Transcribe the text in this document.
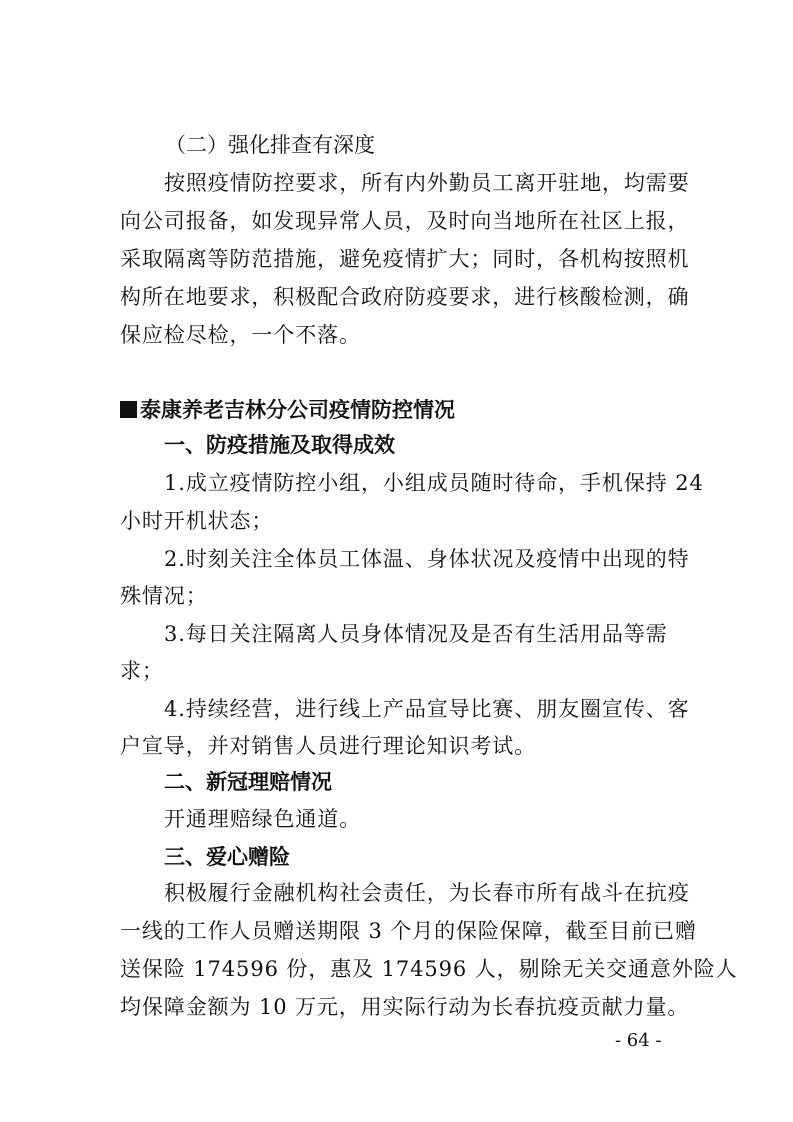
（二）强化排查有深度
按照疫情防控要求，所有内外勤员工离开驻地，均需要
向公司报备，如发现异常人员，及时向当地所在社区上报，
采取隔离等防范措施，避免疫情扩大；同时，各机构按照机
构所在地要求，积极配合政府防疫要求，进行核酸检测，确
保应检尽检，一个不落。
泰康养老吉林分公司疫情防控情况
一、防疫措施及取得成效
1.成立疫情防控小组，小组成员随时待命，手机保持 24
小时开机状态；
2.时刻关注全体员工体温、身体状况及疫情中出现的特
殊情况；
3.每日关注隔离人员身体情况及是否有生活用品等需
求；
4.持续经营，进行线上产品宣导比赛、朋友圈宣传、客
户宣导，并对销售人员进行理论知识考试。
二、新冠理赔情况
开通理赔绿色通道。
三、爱心赠险
积极履行金融机构社会责任，为长春市所有战斗在抗疫
一线的工作人员赠送期限 3 个月的保险保障，截至目前已赠
送保险 174596 份，惠及 174596 人，剔除无关交通意外险人
均保障金额为 10 万元，用实际行动为长春抗疫贡献力量。
- 64 -
